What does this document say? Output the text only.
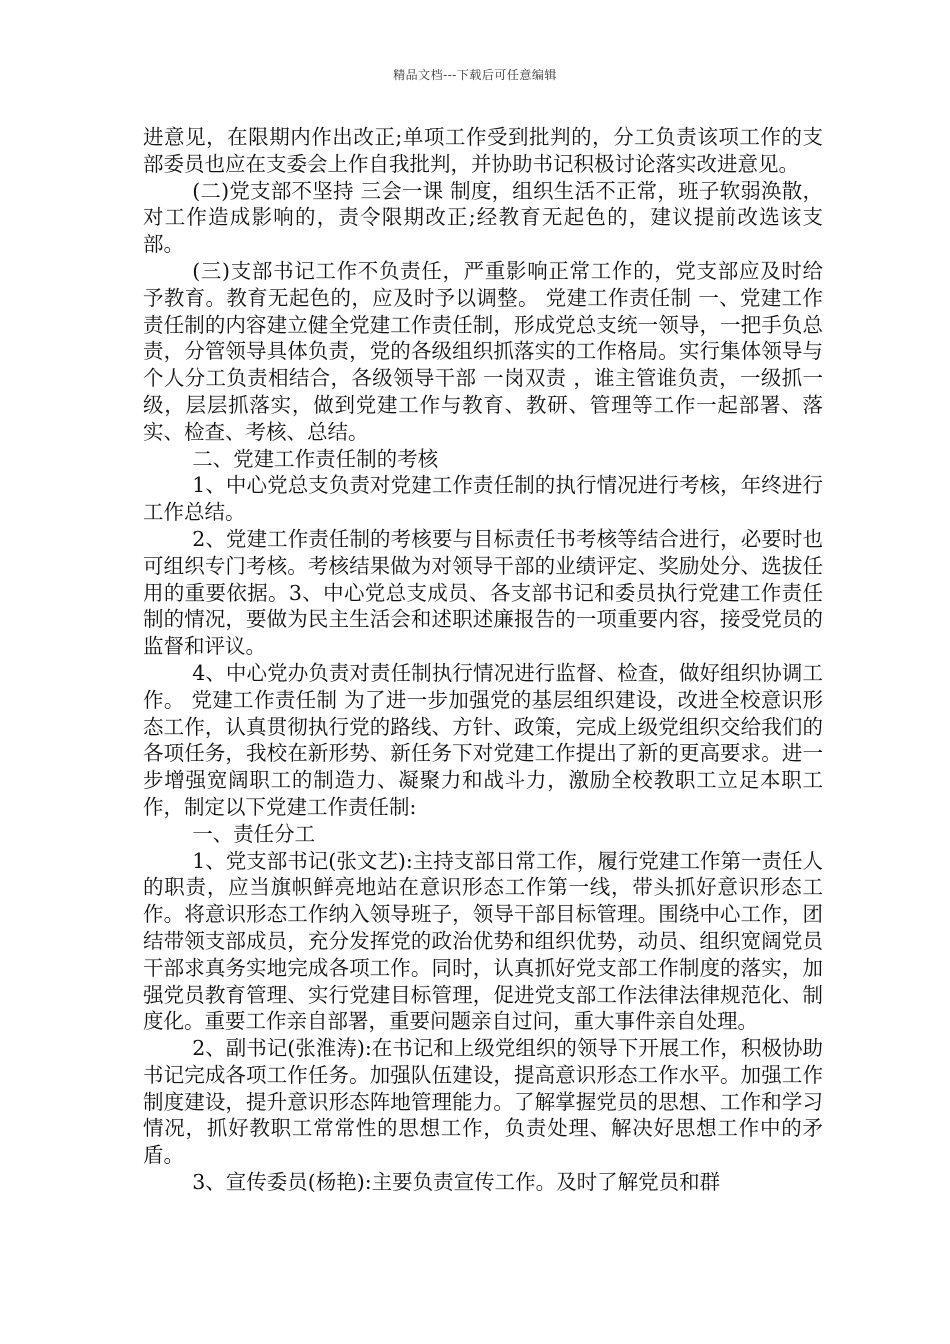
精品文档---下载后可任意编辑

进意见，在限期内作出改正;单项工作受到批判的，分工负责该项工作的支部委员也应在支委会上作自我批判，并协助书记积极讨论落实改进意见。

(二)党支部不坚持 三会一课 制度，组织生活不正常，班子软弱涣散，对工作造成影响的，责令限期改正;经教育无起色的，建议提前改选该支部。

(三)支部书记工作不负责任，严重影响正常工作的，党支部应及时给予教育。教育无起色的，应及时予以调整。 党建工作责任制 一、党建工作责任制的内容建立健全党建工作责任制，形成党总支统一领导，一把手负总责，分管领导具体负责，党的各级组织抓落实的工作格局。实行集体领导与个人分工负责相结合，各级领导干部 一岗双责 ，谁主管谁负责，一级抓一级，层层抓落实，做到党建工作与教育、教研、管理等工作一起部署、落实、检查、考核、总结。

二、党建工作责任制的考核

1、中心党总支负责对党建工作责任制的执行情况进行考核，年终进行工作总结。

2、党建工作责任制的考核要与目标责任书考核等结合进行，必要时也可组织专门考核。考核结果做为对领导干部的业绩评定、奖励处分、选拔任用的重要依据。3、中心党总支成员、各支部书记和委员执行党建工作责任制的情况，要做为民主生活会和述职述廉报告的一项重要内容，接受党员的监督和评议。

4、中心党办负责对责任制执行情况进行监督、检查，做好组织协调工作。 党建工作责任制 为了进一步加强党的基层组织建设，改进全校意识形态工作，认真贯彻执行党的路线、方针、政策，完成上级党组织交给我们的各项任务，我校在新形势、新任务下对党建工作提出了新的更高要求。进一步增强宽阔职工的制造力、凝聚力和战斗力，激励全校教职工立足本职工作，制定以下党建工作责任制:

一、责任分工

1、党支部书记(张文艺):主持支部日常工作，履行党建工作第一责任人的职责，应当旗帜鲜亮地站在意识形态工作第一线，带头抓好意识形态工作。将意识形态工作纳入领导班子，领导干部目标管理。围绕中心工作，团结带领支部成员，充分发挥党的政治优势和组织优势，动员、组织宽阔党员干部求真务实地完成各项工作。同时，认真抓好党支部工作制度的落实，加强党员教育管理、实行党建目标管理，促进党支部工作法律法律规范化、制度化。重要工作亲自部署，重要问题亲自过问，重大事件亲自处理。

2、副书记(张淮涛):在书记和上级党组织的领导下开展工作，积极协助书记完成各项工作任务。加强队伍建设，提高意识形态工作水平。加强工作制度建设，提升意识形态阵地管理能力。了解掌握党员的思想、工作和学习情况，抓好教职工常常性的思想工作，负责处理、解决好思想工作中的矛盾。

3、宣传委员(杨艳):主要负责宣传工作。及时了解党员和群
